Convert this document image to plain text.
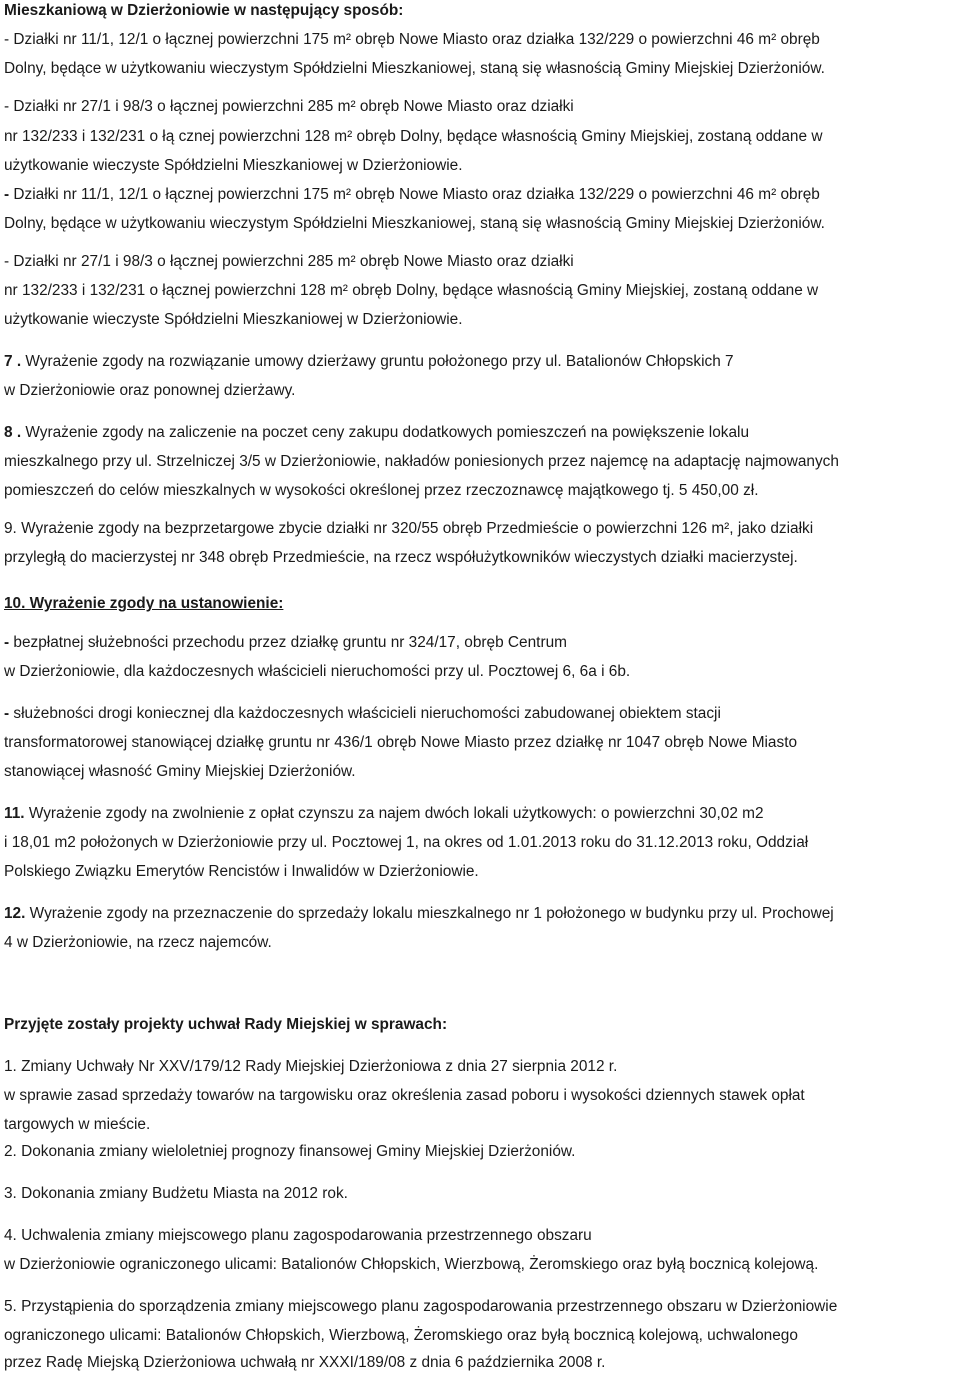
Mieszkaniową w Dzierżoniowie w następujący sposób:
- Działki nr 11/1, 12/1 o łącznej powierzchni 175 m² obręb Nowe Miasto oraz działka 132/229 o powierzchni 46 m² obręb
Dolny, będące w użytkowaniu wieczystym Spółdzielni Mieszkaniowej, staną się własnością Gminy Miejskiej Dzierżoniów.
- Działki nr 27/1 i 98/3 o łącznej powierzchni 285 m² obręb Nowe Miasto oraz działki
nr 132/233 i 132/231 o łą cznej powierzchni 128 m² obręb Dolny, będące własnością Gminy Miejskiej, zostaną oddane w
użytkowanie wieczyste Spółdzielni Mieszkaniowej w Dzierżoniowie.
- Działki nr 11/1, 12/1 o łącznej powierzchni 175 m² obręb Nowe Miasto oraz działka 132/229 o powierzchni 46 m² obręb
Dolny, będące w użytkowaniu wieczystym Spółdzielni Mieszkaniowej, staną się własnością Gminy Miejskiej Dzierżoniów.
- Działki nr 27/1 i 98/3 o łącznej powierzchni 285 m² obręb Nowe Miasto oraz działki
nr 132/233 i 132/231 o łącznej powierzchni 128 m² obręb Dolny, będące własnością Gminy Miejskiej, zostaną oddane w
użytkowanie wieczyste Spółdzielni Mieszkaniowej w Dzierżoniowie.
7 . Wyrażenie zgody na rozwiązanie umowy dzierżawy gruntu położonego przy ul. Batalionów Chłopskich 7
w Dzierżoniowie oraz ponownej dzierżawy.
8 . Wyrażenie zgody na zaliczenie na poczet ceny zakupu dodatkowych pomieszczeń na powiększenie lokalu
mieszkalnego przy ul. Strzelniczej 3/5 w Dzierżoniowie, nakładów poniesionych przez najemcę na adaptację najmowanych
pomieszczeń do celów mieszkalnych w wysokości określonej przez rzeczoznawcę majątkowego tj. 5 450,00 zł.
9. Wyrażenie zgody na bezprzetargowe zbycie działki nr 320/55 obręb Przedmieście o powierzchni 126 m², jako działki
przyległą do macierzystej nr 348 obręb Przedmieście, na rzecz współużytkowników wieczystych działki macierzystej.
10. Wyrażenie zgody na ustanowienie:
- bezpłatnej służebności przechodu przez działkę gruntu nr 324/17, obręb Centrum
w Dzierżoniowie, dla każdoczesnych właścicieli nieruchomości przy ul. Pocztowej 6, 6a i 6b.
- służebności drogi koniecznej dla każdoczesnych właścicieli nieruchomości zabudowanej obiektem stacji
transformatorowej stanowiącej działkę gruntu nr 436/1 obręb Nowe Miasto przez działkę nr 1047 obręb Nowe Miasto
stanowiącej własność Gminy Miejskiej Dzierżoniów.
11. Wyrażenie zgody na zwolnienie z opłat czynszu za najem dwóch lokali użytkowych: o powierzchni 30,02 m2
i 18,01 m2 położonych w Dzierżoniowie przy ul. Pocztowej 1, na okres od 1.01.2013 roku do 31.12.2013 roku, Oddział
Polskiego Związku Emerytów Rencistów i Inwalidów w Dzierżoniowie.
12. Wyrażenie zgody na przeznaczenie do sprzedaży lokalu mieszkalnego nr 1 położonego w budynku przy ul. Prochowej
4 w Dzierżoniowie, na rzecz najemców.
Przyjęte zostały projekty uchwał Rady Miejskiej w sprawach:
1. Zmiany Uchwały Nr XXV/179/12 Rady Miejskiej Dzierżoniowa z dnia 27 sierpnia 2012 r.
w sprawie zasad sprzedaży towarów na targowisku oraz określenia zasad poboru i wysokości dziennych stawek opłat
targowych w mieście.
2. Dokonania zmiany wieloletniej prognozy finansowej Gminy Miejskiej Dzierżoniów.
3. Dokonania zmiany Budżetu Miasta na 2012 rok.
4. Uchwalenia zmiany miejscowego planu zagospodarowania przestrzennego obszaru
w Dzierżoniowie ograniczonego ulicami: Batalionów Chłopskich, Wierzbową, Żeromskiego oraz byłą bocznicą kolejową.
5. Przystąpienia do sporządzenia zmiany miejscowego planu zagospodarowania przestrzennego obszaru w Dzierżoniowie
ograniczonego ulicami: Batalionów Chłopskich, Wierzbową, Żeromskiego oraz byłą bocznicą kolejową, uchwalonego
przez Radę Miejską Dzierżoniowa uchwałą nr XXXI/189/08 z dnia 6 października 2008 r.
